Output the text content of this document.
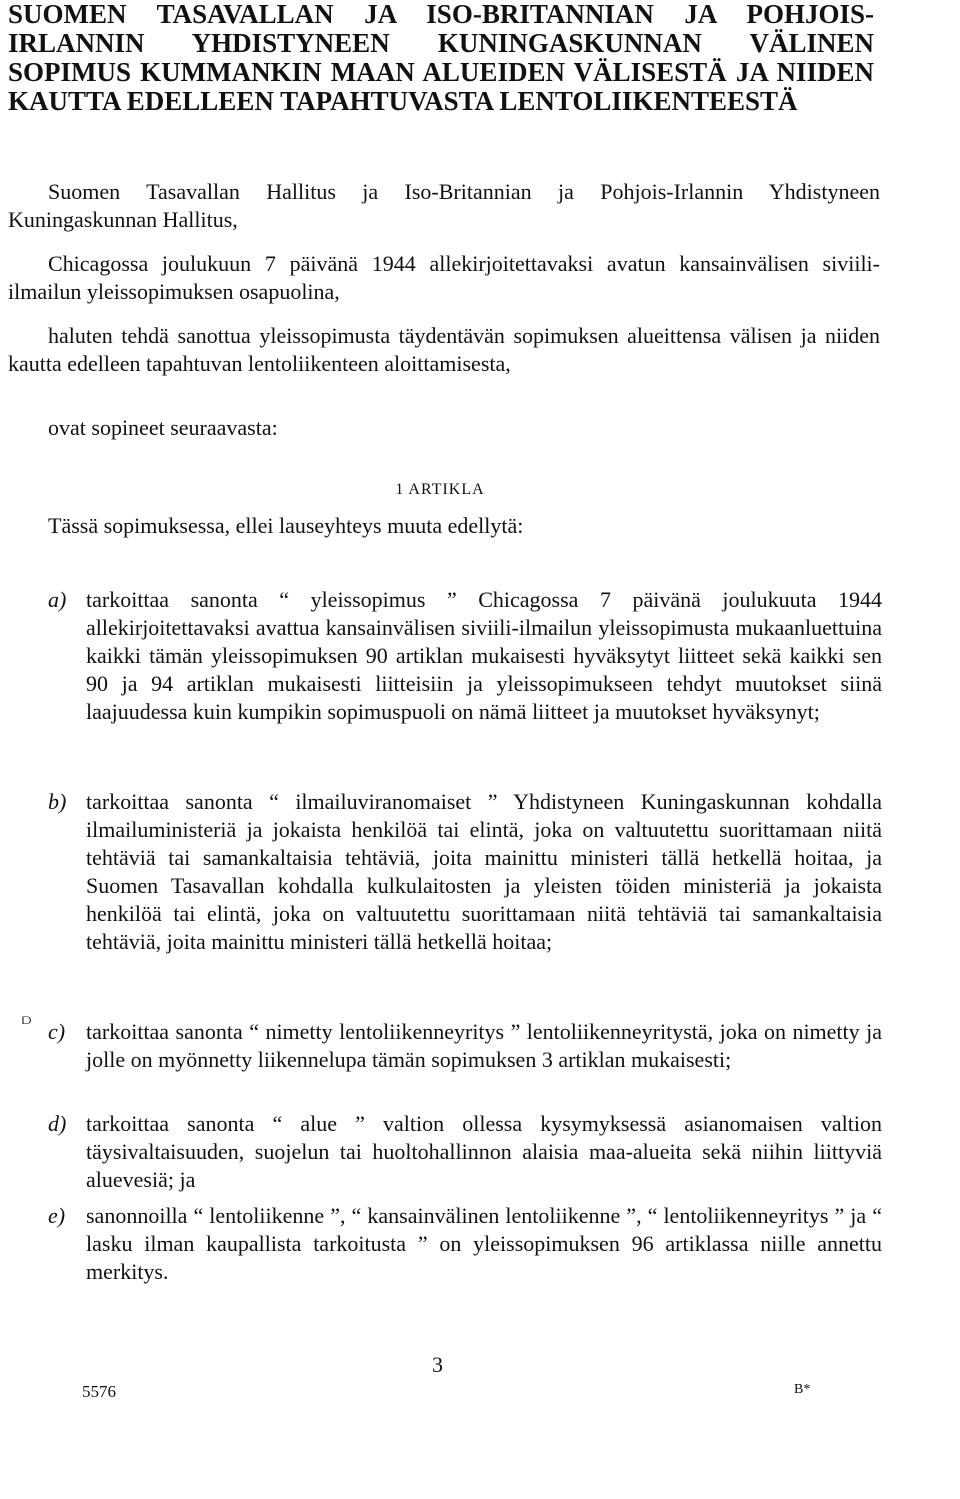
SUOMEN TASAVALLAN JA ISO-BRITANNIAN JA POHJOIS-IRLANNIN YHDISTYNEEN KUNINGASKUNNAN VÄLINEN SOPIMUS KUMMANKIN MAAN ALUEIDEN VÄLISESTÄ JA NIIDEN KAUTTA EDELLEEN TAPAHTUVASTA LENTOLIIKENTEESTÄ

Suomen Tasavallan Hallitus ja Iso-Britannian ja Pohjois-Irlannin Yhdistyneen Kuningaskunnan Hallitus,

Chicagossa joulukuun 7 päivänä 1944 allekirjoitettavaksi avatun kansainvälisen siviili-ilmailun yleissopimuksen osapuolina,

haluten tehdä sanottua yleissopimusta täydentävän sopimuksen alueittensa välisen ja niiden kautta edelleen tapahtuvan lentoliikenteen aloittamisesta,

ovat sopineet seuraavasta:

1 ARTIKLA

Tässä sopimuksessa, ellei lauseyhteys muuta edellytä:

a) tarkoittaa sanonta “ yleissopimus ” Chicagossa 7 päivänä joulukuuta 1944 allekirjoitettavaksi avattua kansainvälisen siviili-ilmailun yleissopimusta mukaanluettuina kaikki tämän yleissopimuksen 90 artiklan mukaisesti hyväksytyt liitteet sekä kaikki sen 90 ja 94 artiklan mukaisesti liitteisiin ja yleissopimukseen tehdyt muutokset siinä laajuudessa kuin kumpikin sopimuspuoli on nämä liitteet ja muutokset hyväksynyt;

b) tarkoittaa sanonta “ ilmailuviranomaiset ” Yhdistyneen Kuningaskunnan kohdalla ilmailuministeriä ja jokaista henkilöä tai elintä, joka on valtuutettu suorittamaan niitä tehtäviä tai samankaltaisia tehtäviä, joita mainittu ministeri tällä hetkellä hoitaa, ja Suomen Tasavallan kohdalla kulkulaitosten ja yleisten töiden ministeriä ja jokaista henkilöä tai elintä, joka on valtuutettu suorittamaan niitä tehtäviä tai samankaltaisia tehtäviä, joita mainittu ministeri tällä hetkellä hoitaa;

⫐ c) tarkoittaa sanonta “ nimetty lentoliikenneyritys ” lentoliikenneyritystä, joka on nimetty ja jolle on myönnetty liikennelupa tämän sopimuksen 3 artiklan mukaisesti;

d) tarkoittaa sanonta “ alue ” valtion ollessa kysymyksessä asianomaisen valtion täysivaltaisuuden, suojelun tai huoltohallinnon alaisia maa-alueita sekä niihin liittyviä aluevesiä; ja

e) sanonnoilla “ lentoliikenne ”, “ kansainvälinen lentoliikenne ”, “ lentoliikenneyritys ” ja “ lasku ilman kaupallista tarkoitusta ” on yleissopimuksen 96 artiklassa niille annettu merkitys.

3
5576	B*
